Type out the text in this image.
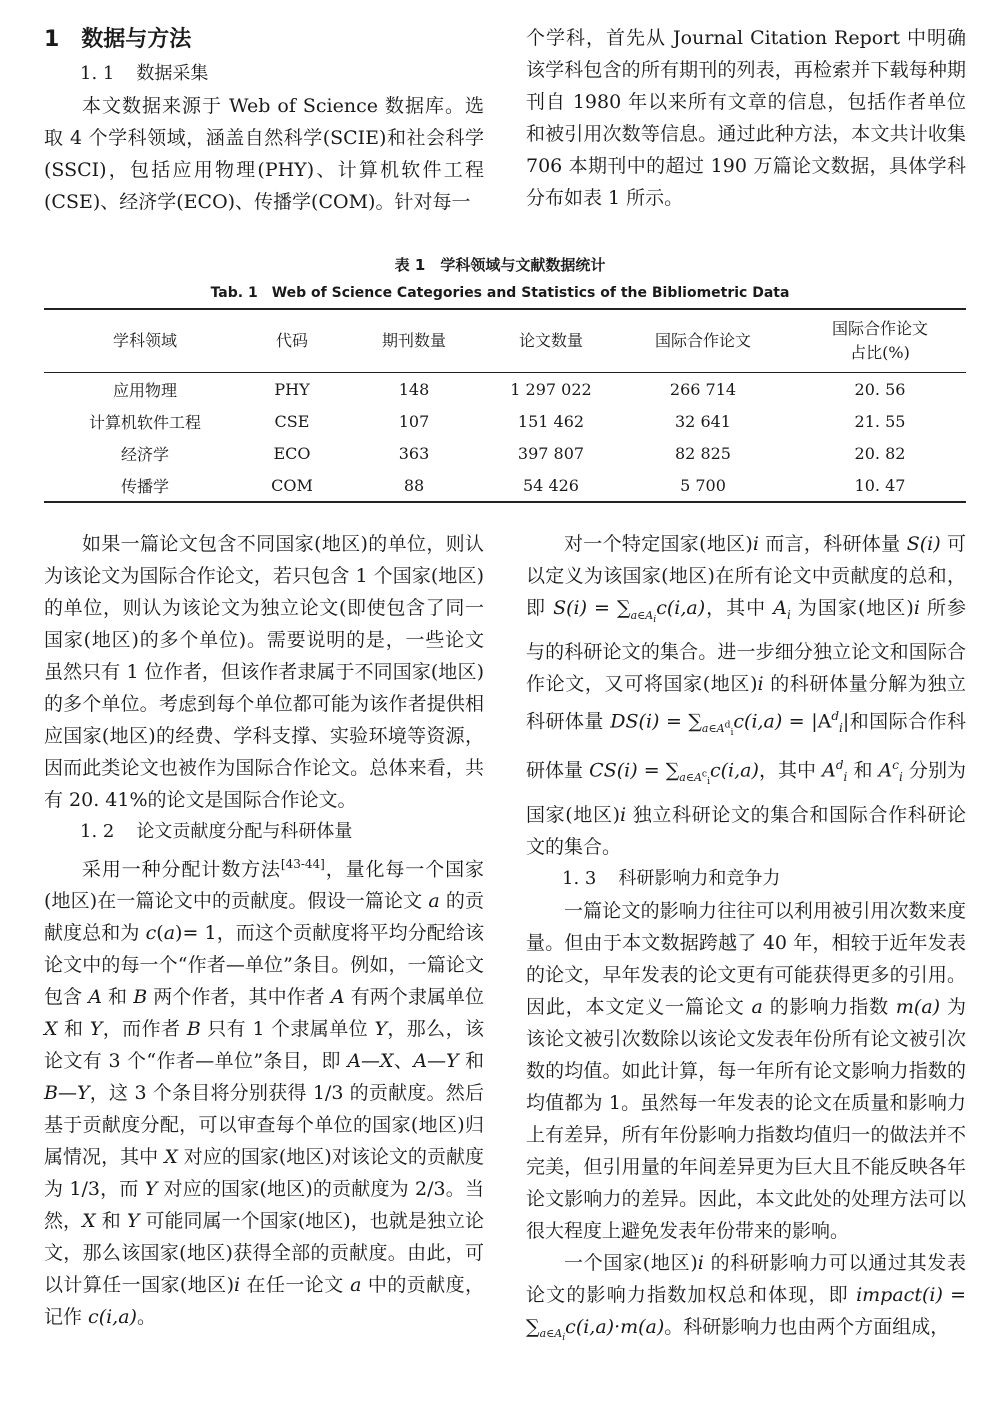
1　数据与方法

1. 1 数据采集

本文数据来源于 Web of Science 数据库。选取 4 个学科领域，涵盖自然科学(SCIE)和社会科学(SSCI)，包括应用物理(PHY)、计算机软件工程(CSE)、经济学(ECO)、传播学(COM)。针对每一

个学科，首先从 Journal Citation Report 中明确该学科包含的所有期刊的列表，再检索并下载每种期刊自 1980 年以来所有文章的信息，包括作者单位和被引用次数等信息。通过此种方法，本文共计收集 706 本期刊中的超过 190 万篇论文数据，具体学科分布如表 1 所示。

表 1　学科领域与文献数据统计
Tab. 1　Web of Science Categories and Statistics of the Bibliometric Data
学科领域	代码	期刊数量	论文数量	国际合作论文	国际合作论文
占比(%)
应用物理	PHY	148	1 297 022	266 714	20. 56
计算机软件工程	CSE	107	151 462	32 641	21. 55
经济学	ECO	363	397 807	82 825	20. 82
传播学	COM	88	54 426	5 700	10. 47

如果一篇论文包含不同国家(地区)的单位，则认为该论文为国际合作论文，若只包含 1 个国家(地区)的单位，则认为该论文为独立论文(即使包含了同一国家(地区)的多个单位)。需要说明的是，一些论文虽然只有 1 位作者，但该作者隶属于不同国家(地区)的多个单位。考虑到每个单位都可能为该作者提供相应国家(地区)的经费、学科支撑、实验环境等资源，因而此类论文也被作为国际合作论文。总体来看，共有 20. 41%的论文是国际合作论文。

1. 2 论文贡献度分配与科研体量

采用一种分配计数方法[43-44]，量化每一个国家(地区)在一篇论文中的贡献度。假设一篇论文 a 的贡献度总和为 c(a)= 1，而这个贡献度将平均分配给该论文中的每一个“作者—单位”条目。例如，一篇论文包含 A 和 B 两个作者，其中作者 A 有两个隶属单位 X 和 Y，而作者 B 只有 1 个隶属单位 Y，那么，该论文有 3 个“作者—单位”条目，即 A—X、A—Y 和 B—Y，这 3 个条目将分别获得 1/3 的贡献度。然后基于贡献度分配，可以审查每个单位的国家(地区)归属情况，其中 X 对应的国家(地区)对该论文的贡献度为 1/3，而 Y 对应的国家(地区)的贡献度为 2/3。当然，X 和 Y 可能同属一个国家(地区)，也就是独立论文，那么该国家(地区)获得全部的贡献度。由此，可以计算任一国家(地区)i 在任一论文 a 中的贡献度，记作 c(i,a)。

对一个特定国家(地区)i 而言，科研体量 S(i) 可以定义为该国家(地区)在所有论文中贡献度的总和，即 $S(i) = \sum_{a\in A_i}c(i,a)$，其中 $A_i$ 为国家(地区)i 所参与的科研论文的集合。进一步细分独立论文和国际合作论文，又可将国家(地区)i 的科研体量分解为独立科研体量 $DS(i) = \sum_{a\in A^d_i}c(i,a) = |A^d_i|$和国际合作科研体量 $CS(i) = \sum_{a\in A^c_i}c(i,a)$，其中 $A^d_i$ 和 $A^c_i$ 分别为国家(地区)i 独立科研论文的集合和国际合作科研论文的集合。

1. 3 科研影响力和竞争力

一篇论文的影响力往往可以利用被引用次数来度量。但由于本文数据跨越了 40 年，相较于近年发表的论文，早年发表的论文更有可能获得更多的引用。因此，本文定义一篇论文 a 的影响力指数 m(a) 为该论文被引次数除以该论文发表年份所有论文被引次数的均值。如此计算，每一年所有论文影响力指数的均值都为 1。虽然每一年发表的论文在质量和影响力上有差异，所有年份影响力指数均值归一的做法并不完美，但引用量的年间差异更为巨大且不能反映各年论文影响力的差异。因此，本文此处的处理方法可以很大程度上避免发表年份带来的影响。

一个国家(地区)i 的科研影响力可以通过其发表论文的影响力指数加权总和体现，即 impact(i) = $\sum_{a\in A_i}c(i,a)\cdot m(a)$。科研影响力也由两个方面组成，
